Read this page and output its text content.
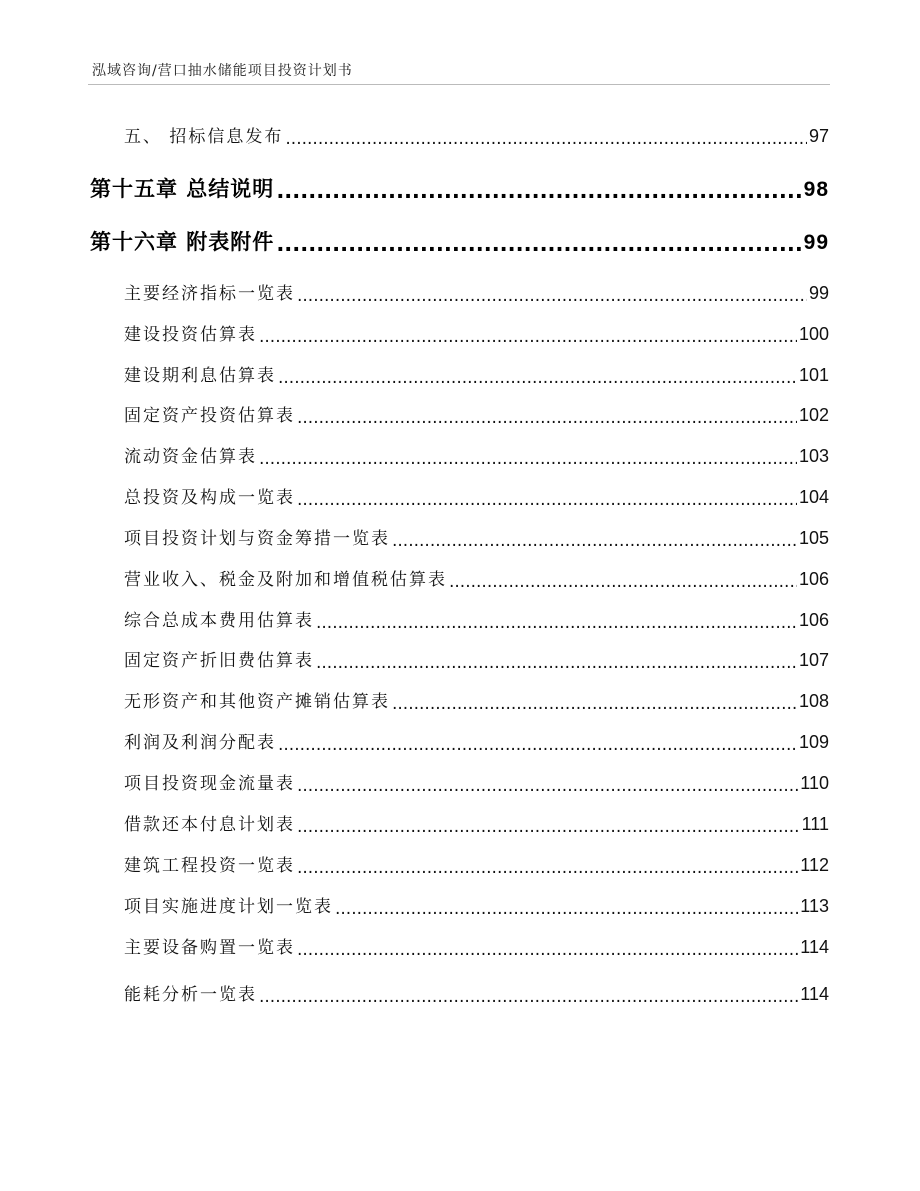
泓域咨询/营口抽水储能项目投资计划书
五、 招标信息发布 .....	97
第十五章 总结说明 .....	98
第十六章 附表附件 .....	99
主要经济指标一览表 .....	99
建设投资估算表 .....	100
建设期利息估算表 .....	101
固定资产投资估算表 .....	102
流动资金估算表 .....	103
总投资及构成一览表 .....	104
项目投资计划与资金筹措一览表 .....	105
营业收入、税金及附加和增值税估算表 .....	106
综合总成本费用估算表 .....	106
固定资产折旧费估算表 .....	107
无形资产和其他资产摊销估算表 .....	108
利润及利润分配表 .....	109
项目投资现金流量表 .....	110
借款还本付息计划表 .....	111
建筑工程投资一览表 .....	112
项目实施进度计划一览表 .....	113
主要设备购置一览表 .....	114
能耗分析一览表 .....	114
